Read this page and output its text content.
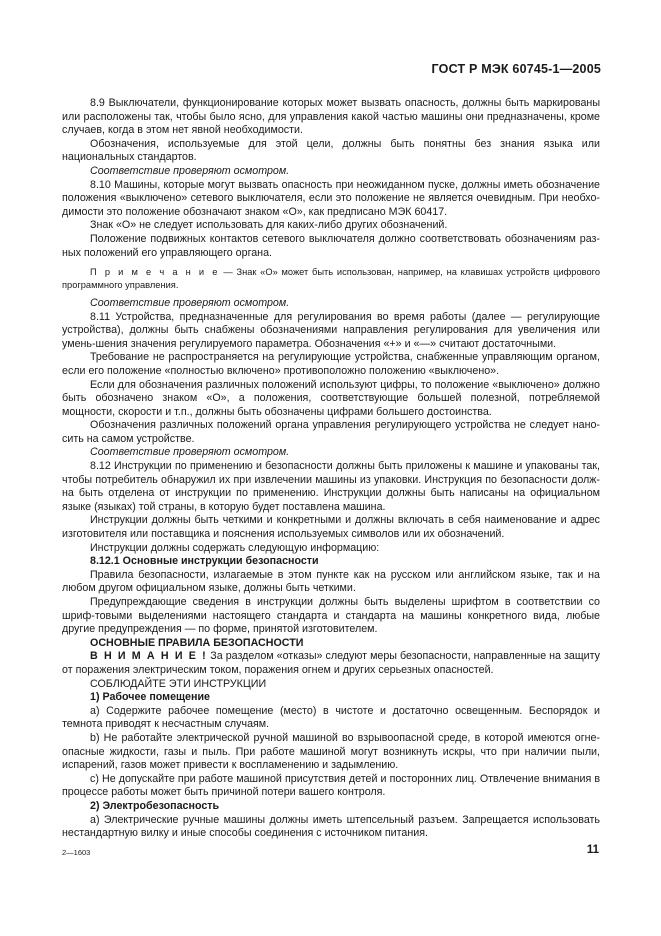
ГОСТ Р МЭК 60745-1—2005

8.9 Выключатели, функционирование которых может вызвать опасность, должны быть маркированы или расположены так, чтобы было ясно, для управления какой частью машины они предназначены, кроме случаев, когда в этом нет явной необходимости.

Обозначения, используемые для этой цели, должны быть понятны без знания языка или национальных стандартов.

Соответствие проверяют осмотром.

8.10 Машины, которые могут вызвать опасность при неожиданном пуске, должны иметь обозначение положения «выключено» сетевого выключателя, если это положение не является очевидным. При необхо-димости это положение обозначают знаком «О», как предписано МЭК 60417.

Знак «О» не следует использовать для каких-либо других обозначений.

Положение подвижных контактов сетевого выключателя должно соответствовать обозначениям раз-ных положений его управляющего органа.

П р и м е ч а н и е — Знак «О» может быть использован, например, на клавишах устройств цифрового программного управления.

Соответствие проверяют осмотром.

8.11 Устройства, предназначенные для регулирования во время работы (далее — регулирующие устройства), должны быть снабжены обозначениями направления регулирования для увеличения или умень-шения значения регулируемого параметра. Обозначения «+» и «—» считают достаточными.

Требование не распространяется на регулирующие устройства, снабженные управляющим органом, если его положение «полностью включено» противоположно положению «выключено».

Если для обозначения различных положений используют цифры, то положение «выключено» должно быть обозначено знаком «О», а положения, соответствующие большей полезной, потребляемой мощности, скорости и т.п., должны быть обозначены цифрами большего достоинства.

Обозначения различных положений органа управления регулирующего устройства не следует нано-сить на самом устройстве.

Соответствие проверяют осмотром.

8.12 Инструкции по применению и безопасности должны быть приложены к машине и упакованы так, чтобы потребитель обнаружил их при извлечении машины из упаковки. Инструкция по безопасности долж-на быть отделена от инструкции по применению. Инструкции должны быть написаны на официальном языке (языках) той страны, в которую будет поставлена машина.

Инструкции должны быть четкими и конкретными и должны включать в себя наименование и адрес изготовителя или поставщика и пояснения используемых символов или их обозначений.

Инструкции должны содержать следующую информацию:

8.12.1 Основные инструкции безопасности

Правила безопасности, излагаемые в этом пункте как на русском или английском языке, так и на любом другом официальном языке, должны быть четкими.

Предупреждающие сведения в инструкции должны быть выделены шрифтом в соответствии со шриф-товыми выделениями настоящего стандарта и стандарта на машины конкретного вида, любые другие предупреждения — по форме, принятой изготовителем.

ОСНОВНЫЕ ПРАВИЛА БЕЗОПАСНОСТИ

В Н И М А Н И Е ! За разделом «отказы» следуют меры безопасности, направленные на защиту от поражения электрическим током, поражения огнем и других серьезных опасностей.

СОБЛЮДАЙТЕ ЭТИ ИНСТРУКЦИИ

1) Рабочее помещение

а) Содержите рабочее помещение (место) в чистоте и достаточно освещенным. Беспорядок и темнота приводят к несчастным случаям.

b) Не работайте электрической ручной машиной во взрывоопасной среде, в которой имеются огне-опасные жидкости, газы и пыль. При работе машиной могут возникнуть искры, что при наличии пыли, испарений, газов может привести к воспламенению и задымлению.

c) Не допускайте при работе машиной присутствия детей и посторонних лиц. Отвлечение внимания в процессе работы может быть причиной потери вашего контроля.

2) Электробезопасность

а) Электрические ручные машины должны иметь штепсельный разъем. Запрещается использовать нестандартную вилку и иные способы соединения с источником питания.

2—1603	11
